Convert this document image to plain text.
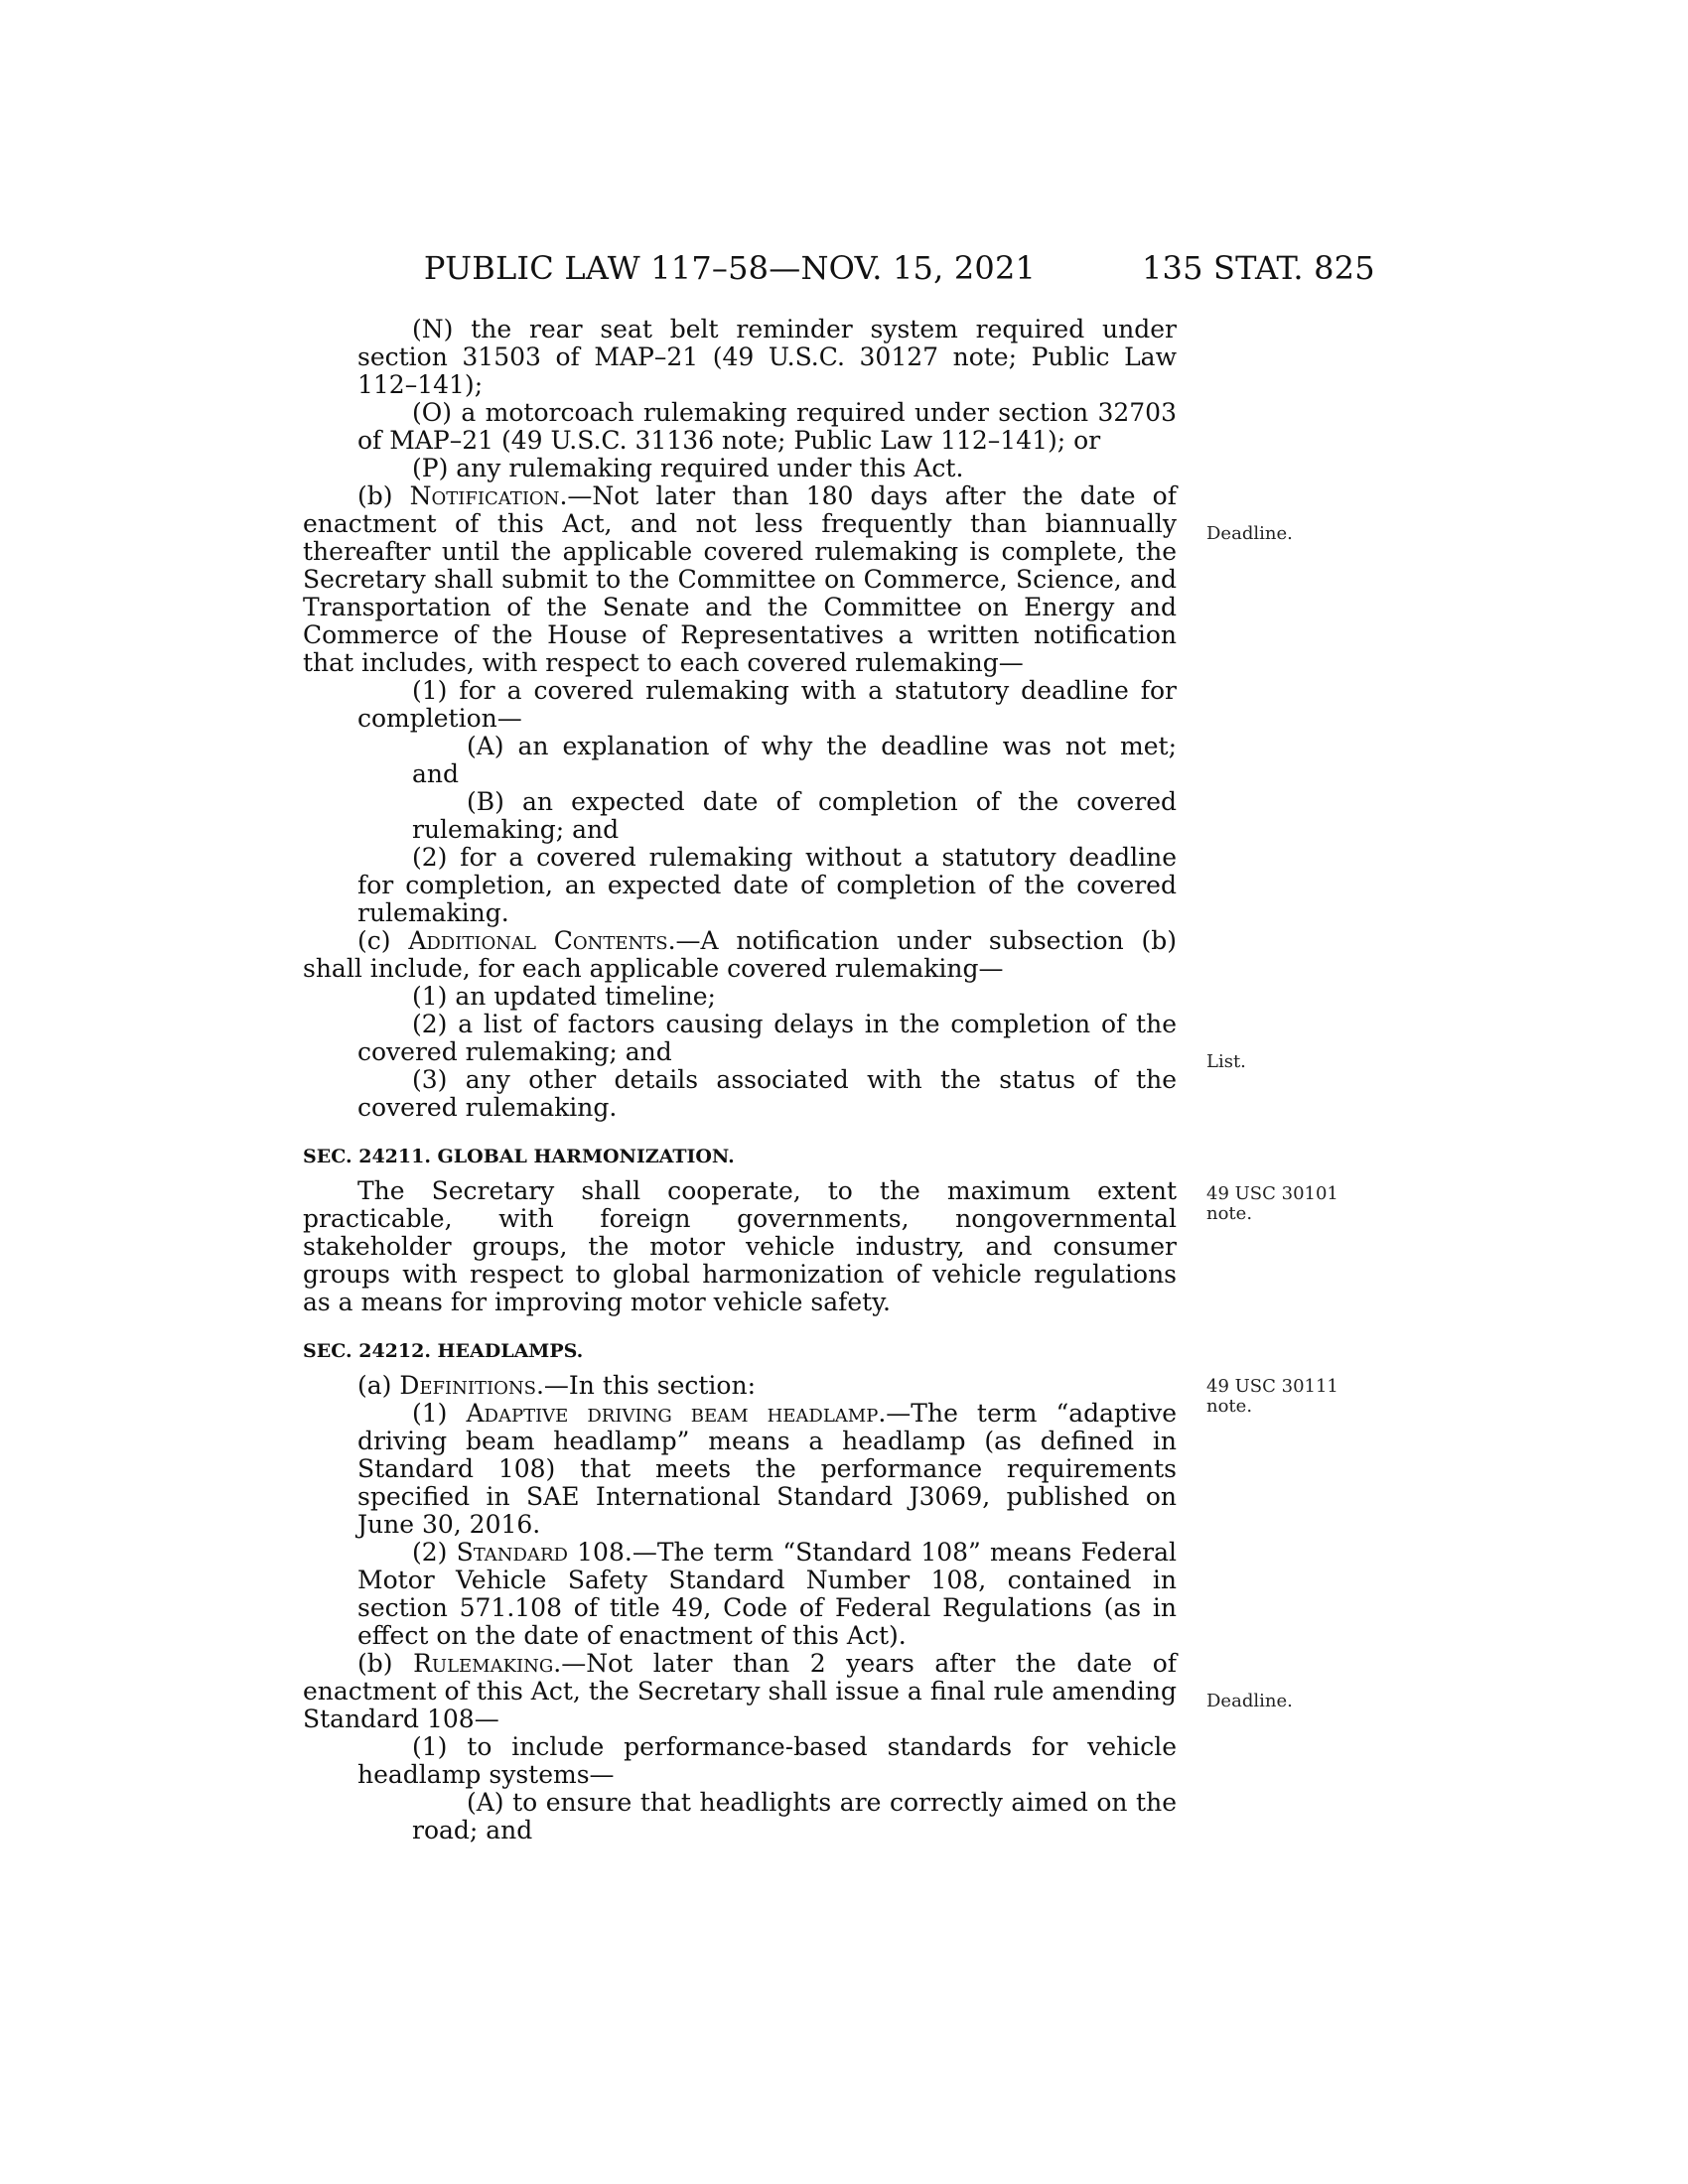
PUBLIC LAW 117–58—NOV. 15, 2021	135 STAT. 825

(N) the rear seat belt reminder system required under section 31503 of MAP–21 (49 U.S.C. 30127 note; Public Law 112–141);

(O) a motorcoach rulemaking required under section 32703 of MAP–21 (49 U.S.C. 31136 note; Public Law 112–141); or

(P) any rulemaking required under this Act.

(b) Notification.—Not later than 180 days after the date of enactment of this Act, and not less frequently than biannually thereafter until the applicable covered rulemaking is complete, the Secretary shall submit to the Committee on Commerce, Science, and Transportation of the Senate and the Committee on Energy and Commerce of the House of Representatives a written notification that includes, with respect to each covered rulemaking—

(1) for a covered rulemaking with a statutory deadline for completion—

(A) an explanation of why the deadline was not met; and

(B) an expected date of completion of the covered rulemaking; and

(2) for a covered rulemaking without a statutory deadline for completion, an expected date of completion of the covered rulemaking.

(c) Additional Contents.—A notification under subsection (b) shall include, for each applicable covered rulemaking—

(1) an updated timeline;

(2) a list of factors causing delays in the completion of the covered rulemaking; and

(3) any other details associated with the status of the covered rulemaking.

SEC. 24211. GLOBAL HARMONIZATION.

The Secretary shall cooperate, to the maximum extent practicable, with foreign governments, nongovernmental stakeholder groups, the motor vehicle industry, and consumer groups with respect to global harmonization of vehicle regulations as a means for improving motor vehicle safety.

SEC. 24212. HEADLAMPS.

(a) Definitions.—In this section:

(1) Adaptive driving beam headlamp.—The term “adaptive driving beam headlamp” means a headlamp (as defined in Standard 108) that meets the performance requirements specified in SAE International Standard J3069, published on June 30, 2016.

(2) Standard 108.—The term “Standard 108” means Federal Motor Vehicle Safety Standard Number 108, contained in section 571.108 of title 49, Code of Federal Regulations (as in effect on the date of enactment of this Act).

(b) Rulemaking.—Not later than 2 years after the date of enactment of this Act, the Secretary shall issue a final rule amending Standard 108—

(1) to include performance-based standards for vehicle headlamp systems—

(A) to ensure that headlights are correctly aimed on the road; and

Deadline.
List.
49 USC 30101 note.
49 USC 30111 note.
Deadline.
